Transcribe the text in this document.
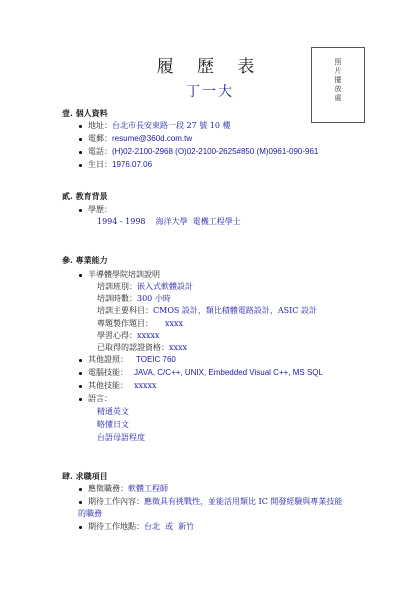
履 歷 表
丁一大
照
片
擺
放
處
壹. 個人資料
地址：台北市長安東路一段 27 號 10 樓
電郵：resume@360d.com.tw
電話：(H)02-2100-2968 (O)02-2100-2625#850 (M)0961-090-961
生日：1976.07.06
貳. 教育背景
學歷：
1994 - 1998    海洋大學  電機工程學士
參. 專業能力
半導體學院培訓說明
培訓班別：嵌入式軟體設計
培訓時數：300 小時
培訓主要科目：CMOS 設計，類比積體電路設計，ASIC 設計
專題製作題目： xxxx
學習心得：xxxxx
已取得的認證資格：xxxx
其他證照： TOEIC 760
電腦技能： JAVA, C/C++, UNIX, Embedded Visual C++, MS SQL
其他技能： xxxxx
語言：
精通英文
略懂日文
台語母語程度
肆. 求職項目
應徵職務：軟體工程師
期待工作內容：應徵具有挑戰性，並能活用類比 IC 開發經驗與專業技能
的職務
期待工作地點：台北  或  新竹
